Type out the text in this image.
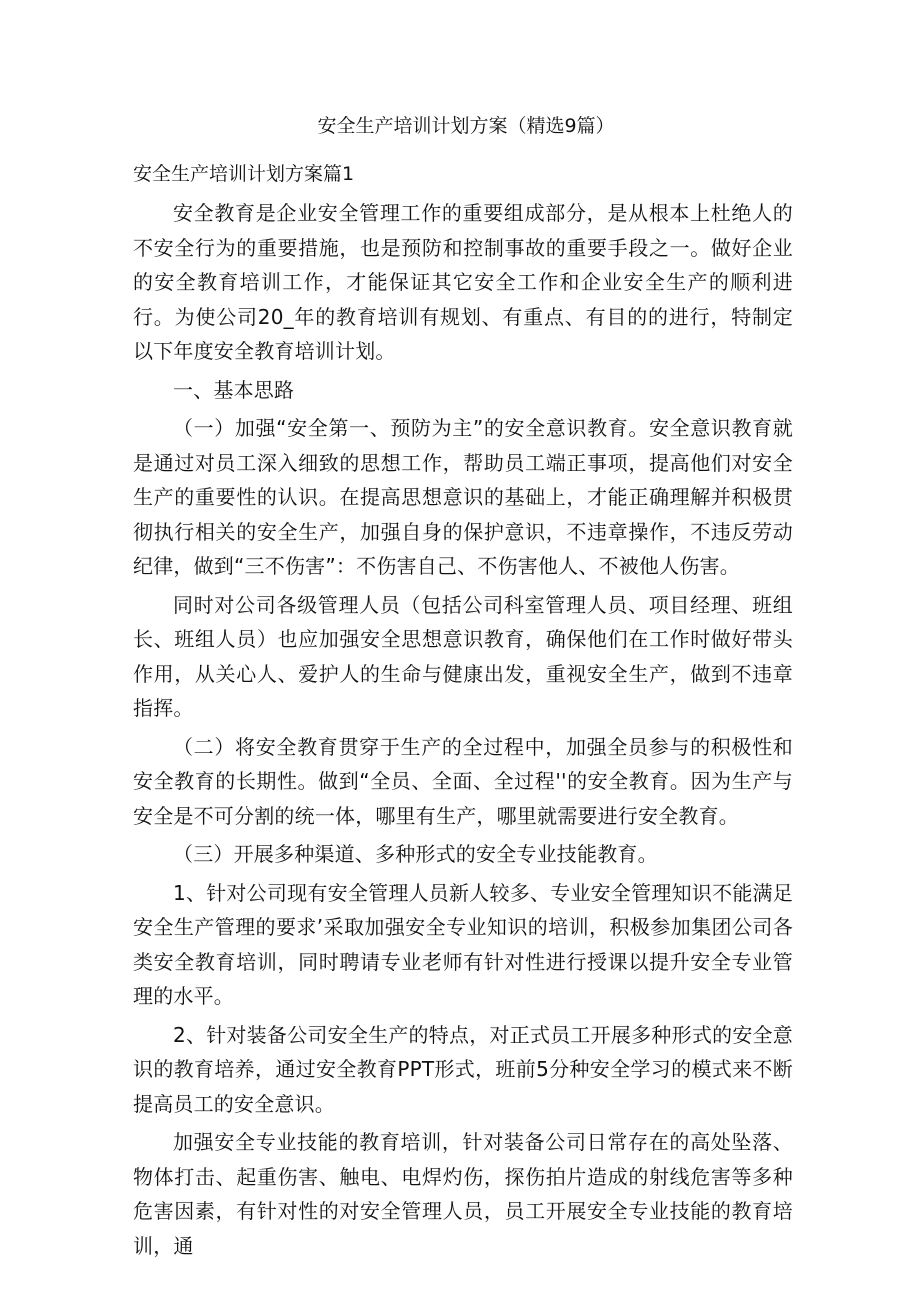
安全生产培训计划方案（精选9篇）
安全生产培训计划方案篇1

安全教育是企业安全管理工作的重要组成部分，是从根本上杜绝人的不安全行为的重要措施，也是预防和控制事故的重要手段之一。做好企业的安全教育培训工作，才能保证其它安全工作和企业安全生产的顺利进行。为使公司20_年的教育培训有规划、有重点、有目的的进行，特制定以下年度安全教育培训计划。

一、基本思路

（一）加强“安全第一、预防为主”的安全意识教育。安全意识教育就是通过对员工深入细致的思想工作，帮助员工端正事项，提高他们对安全生产的重要性的认识。在提高思想意识的基础上，才能正确理解并积极贯彻执行相关的安全生产，加强自身的保护意识，不违章操作，不违反劳动纪律，做到“三不伤害”：不伤害自己、不伤害他人、不被他人伤害。

同时对公司各级管理人员（包括公司科室管理人员、项目经理、班组长、班组人员）也应加强安全思想意识教育，确保他们在工作时做好带头作用，从关心人、爱护人的生命与健康出发，重视安全生产，做到不违章指挥。

（二）将安全教育贯穿于生产的全过程中，加强全员参与的积极性和安全教育的长期性。做到“全员、全面、全过程''的安全教育。因为生产与安全是不可分割的统一体，哪里有生产，哪里就需要进行安全教育。

（三）开展多种渠道、多种形式的安全专业技能教育。

1、针对公司现有安全管理人员新人较多、专业安全管理知识不能满足安全生产管理的要求’采取加强安全专业知识的培训，积极参加集团公司各类安全教育培训，同时聘请专业老师有针对性进行授课以提升安全专业管理的水平。

2、针对装备公司安全生产的特点，对正式员工开展多种形式的安全意识的教育培养，通过安全教育PPT形式，班前5分种安全学习的模式来不断提高员工的安全意识。

加强安全专业技能的教育培训，针对装备公司日常存在的高处坠落、物体打击、起重伤害、触电、电焊灼伤，探伤拍片造成的射线危害等多种危害因素，有针对性的对安全管理人员，员工开展安全专业技能的教育培训，通
